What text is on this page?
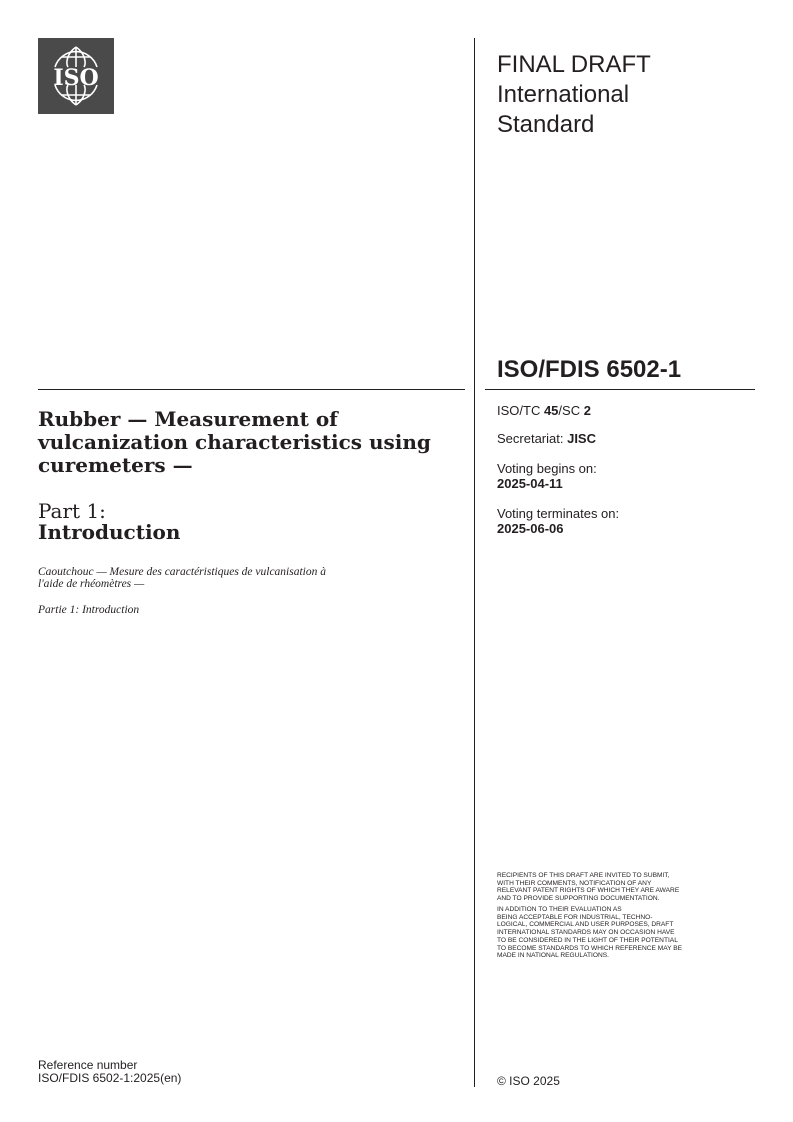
ISO	FINAL DRAFT
International
Standard
ISO/FDIS 6502-1
ISO/TC 45/SC 2
Secretariat: JISC
Voting begins on:
2025-04-11
Voting terminates on:
2025-06-06
Rubber — Measurement of
vulcanization characteristics using
curemeters —
Part 1:
Introduction
Caoutchouc — Mesure des caractéristiques de vulcanisation à
l'aide de rhéomètres —
Partie 1: Introduction
RECIPIENTS OF THIS DRAFT ARE INVITED TO SUBMIT,
WITH THEIR COMMENTS, NOTIFICATION OF ANY
RELEVANT PATENT RIGHTS OF WHICH THEY ARE AWARE
AND TO PROVIDE SUPPORTING DOCUMENTATION.
IN ADDITION TO THEIR EVALUATION AS
BEING ACCEPTABLE FOR INDUSTRIAL, TECHNO-
LOGICAL, COMMERCIAL AND USER PURPOSES, DRAFT
INTERNATIONAL STANDARDS MAY ON OCCASION HAVE
TO BE CONSIDERED IN THE LIGHT OF THEIR POTENTIAL
TO BECOME STANDARDS TO WHICH REFERENCE MAY BE
MADE IN NATIONAL REGULATIONS.
Reference number
ISO/FDIS 6502-1:2025(en)	© ISO 2025
